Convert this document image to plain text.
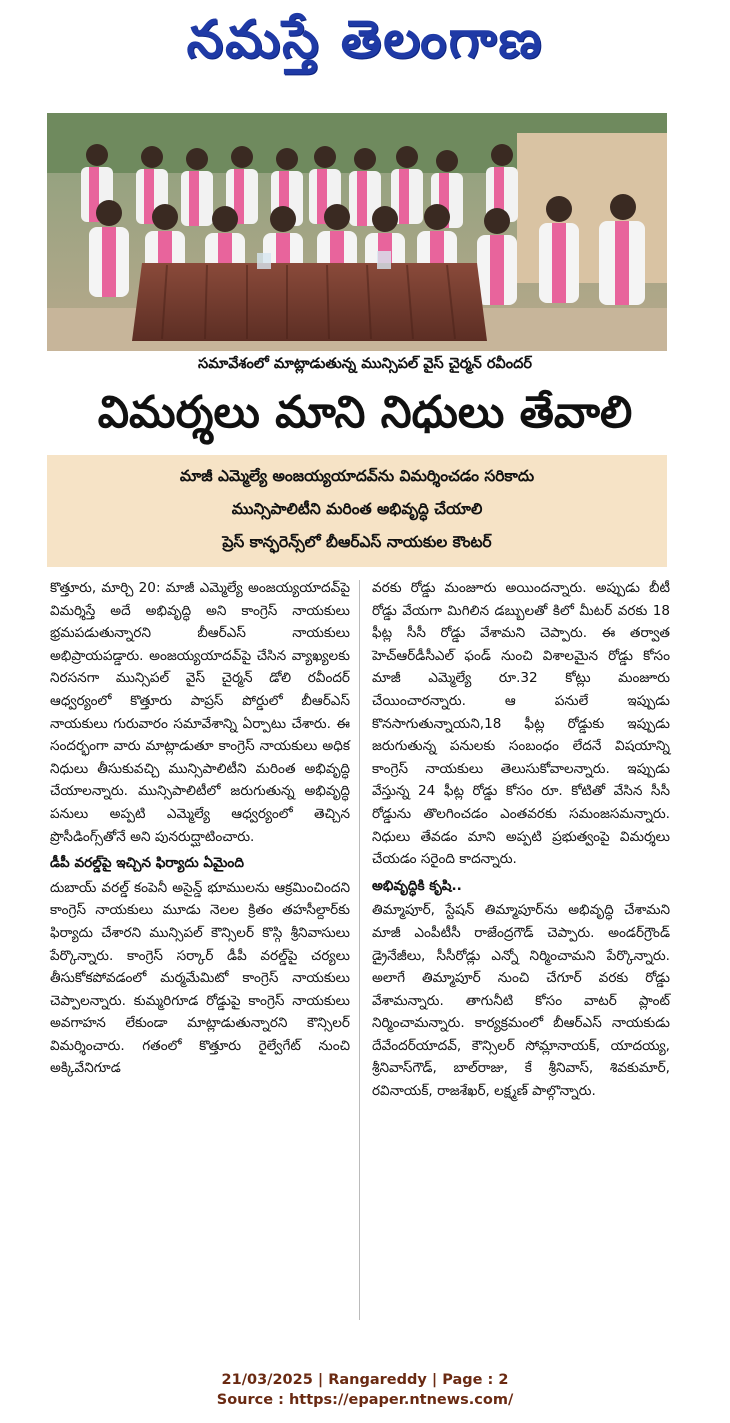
నమస్తే తెలంగాణ
సమావేశంలో మాట్లాడుతున్న మున్సిపల్ వైస్ చైర్మన్ రవీందర్
విమర్శలు మాని నిధులు తేవాలి
మాజీ ఎమ్మెల్యే అంజయ్యయాదవ్‌ను విమర్శించడం సరికాదు
మున్సిపాలిటీని మరింత అభివృద్ధి చేయాలి
ప్రెస్ కాన్ఫరెన్స్‌లో బీఆర్ఎస్ నాయకుల కౌంటర్

కొత్తూరు, మార్చి 20: మాజీ ఎమ్మెల్యే అంజయ్యయాదవ్‌పై విమర్శిస్తే అదే అభివృద్ధి అని కాంగ్రెస్ నాయకులు భ్రమపడుతున్నారని బీఆర్ఎస్ నాయకులు అభిప్రాయపడ్డారు. అంజయ్యయాదవ్‌పై చేసిన వ్యాఖ్యలకు నిరసనగా మున్సిపల్ వైస్ చైర్మన్ డోలి రవీందర్ ఆధ్వర్యంలో కొత్తూరు పాప్రస్ పోర్డులో బీఆర్ఎస్ నాయకులు గురువారం సమావేశాన్ని ఏర్పాటు చేశారు. ఈ సందర్భంగా వారు మాట్లాడుతూ కాంగ్రెస్ నాయకులు అధిక నిధులు తీసుకువచ్చి మున్సిపాలిటీని మరింత అభివృద్ధి చేయాలన్నారు. మున్సిపాలిటీలో జరుగుతున్న అభివృద్ధి పనులు అప్పటి ఎమ్మెల్యే ఆధ్వర్యంలో తెచ్చిన ప్రొసీడింగ్స్‌తోనే అని పునరుద్ఘాటించారు.

డీపీ వరల్డ్‌పై ఇచ్చిన ఫిర్యాదు ఏమైంది

దుబాయ్ వరల్డ్ కంపెనీ అసైన్డ్ భూములను ఆక్రమించిందని కాంగ్రెస్ నాయకులు మూడు నెలల క్రితం తహసీల్దార్‌కు ఫిర్యాదు చేశారని మున్సిపల్ కౌన్సిలర్ కొస్గి శ్రీనివాసులు పేర్కొన్నారు. కాంగ్రెస్ సర్కార్ డీపీ వరల్డ్‌పై చర్యలు తీసుకోకపోవడంలో మర్మమేమిటో కాంగ్రెస్ నాయకులు చెప్పాలన్నారు. కుమ్మరిగూడ రోడ్డుపై కాంగ్రెస్ నాయకులు అవగాహన లేకుండా మాట్లాడుతున్నారని కౌన్సిలర్ విమర్శించారు. గతంలో కొత్తూరు రైల్వేగేట్ నుంచి అక్కివేనిగూడ

వరకు రోడ్డు మంజూరు అయిందన్నారు. అప్పుడు బీటీ రోడ్డు వేయగా మిగిలిన డబ్బులతో కిలో మీటర్ వరకు 18 ఫీట్ల సీసీ రోడ్డు వేశామని చెప్పారు. ఈ తర్వాత హెచ్ఆర్‌డీసీఎల్ ఫండ్ నుంచి విశాలమైన రోడ్డు కోసం మాజీ ఎమ్మెల్యే రూ.32 కోట్లు మంజూరు చేయించారన్నారు. ఆ పనులే ఇప్పుడు కొనసాగుతున్నాయని,18 ఫీట్ల రోడ్డుకు ఇప్పుడు జరుగుతున్న పనులకు సంబంధం లేదనే విషయాన్ని కాంగ్రెస్ నాయకులు తెలుసుకోవాలన్నారు. ఇప్పుడు వేస్తున్న 24 ఫీట్ల రోడ్డు కోసం రూ. కోటితో వేసిన సీసీ రోడ్డును తొలగించడం ఎంతవరకు సమంజసమన్నారు. నిధులు తేవడం మాని అప్పటి ప్రభుత్వంపై విమర్శలు చేయడం సరైంది కాదన్నారు.

అభివృద్ధికి కృషి..

తిమ్మాపూర్, స్టేషన్ తిమ్మాపూర్‌ను అభివృద్ధి చేశామని మాజీ ఎంపీటీసీ రాజేంద్రగౌడ్ చెప్పారు. అండర్‌గ్రౌండ్ డ్రైనేజీలు, సీసీరోడ్లు ఎన్నో నిర్మించామని పేర్కొన్నారు. అలాగే తిమ్మాపూర్ నుంచి చేగూర్ వరకు రోడ్డు వేశామన్నారు. తాగునీటి కోసం వాటర్ ప్లాంట్ నిర్మించామన్నారు. కార్యక్రమంలో బీఆర్ఎస్ నాయకుడు దేవేందర్‌యాదవ్, కౌన్సిలర్ సోమ్లానాయక్, యాదయ్య, శ్రీనివాస్‌గౌడ్, బాల్‌రాజు, కే శ్రీనివాస్, శివకుమార్, రవినాయక్, రాజశేఖర్, లక్ష్మణ్ పాల్గొన్నారు.

21/03/2025 | Rangareddy | Page : 2
Source : https://epaper.ntnews.com/
